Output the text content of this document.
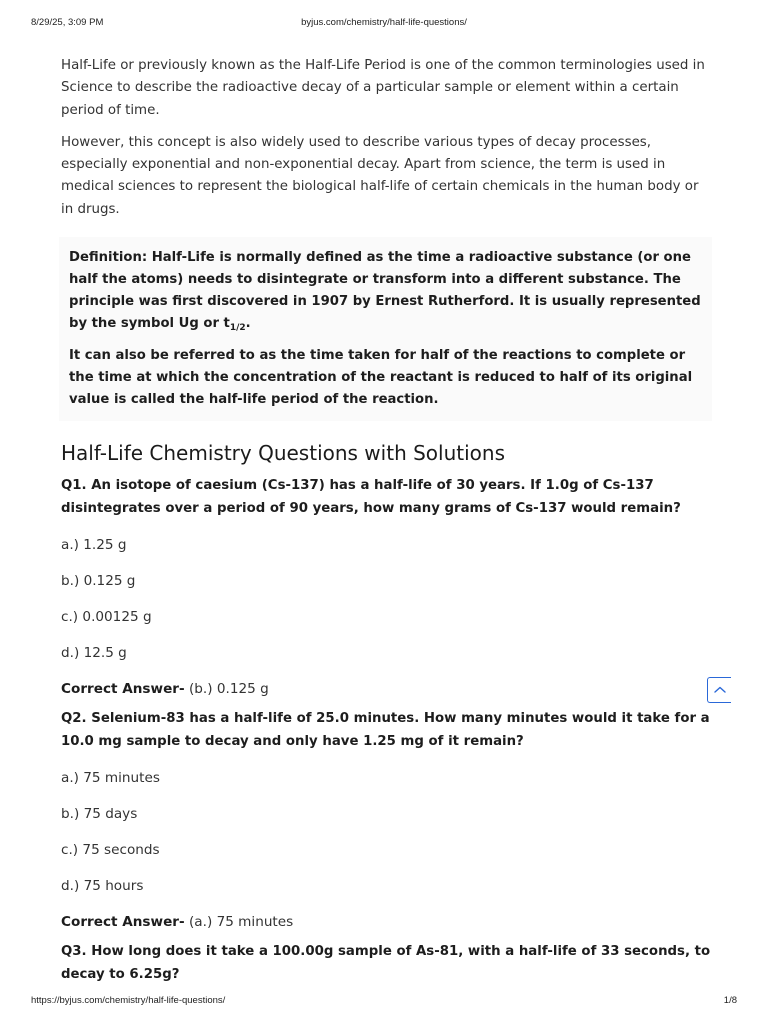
8/29/25, 3:09 PM	byjus.com/chemistry/half-life-questions/

Half-Life or previously known as the Half-Life Period is one of the common terminologies used in Science to describe the radioactive decay of a particular sample or element within a certain period of time.

However, this concept is also widely used to describe various types of decay processes, especially exponential and non-exponential decay. Apart from science, the term is used in medical sciences to represent the biological half-life of certain chemicals in the human body or in drugs.

Definition: Half-Life is normally defined as the time a radioactive substance (or one half the atoms) needs to disintegrate or transform into a different substance. The principle was first discovered in 1907 by Ernest Rutherford. It is usually represented by the symbol Ug or $t_{1/2}$.

It can also be referred to as the time taken for half of the reactions to complete or the time at which the concentration of the reactant is reduced to half of its original value is called the half-life period of the reaction.

Half-Life Chemistry Questions with Solutions

Q1. An isotope of caesium (Cs-137) has a half-life of 30 years. If 1.0g of Cs-137 disintegrates over a period of 90 years, how many grams of Cs-137 would remain?

a.) 1.25 g

b.) 0.125 g

c.) 0.00125 g

d.) 12.5 g

Correct Answer- (b.) 0.125 g

Q2. Selenium-83 has a half-life of 25.0 minutes. How many minutes would it take for a 10.0 mg sample to decay and only have 1.25 mg of it remain?

a.) 75 minutes

b.) 75 days

c.) 75 seconds

d.) 75 hours

Correct Answer- (a.) 75 minutes

Q3. How long does it take a 100.00g sample of As-81, with a half-life of 33 seconds, to decay to 6.25g?

https://byjus.com/chemistry/half-life-questions/	1/8
